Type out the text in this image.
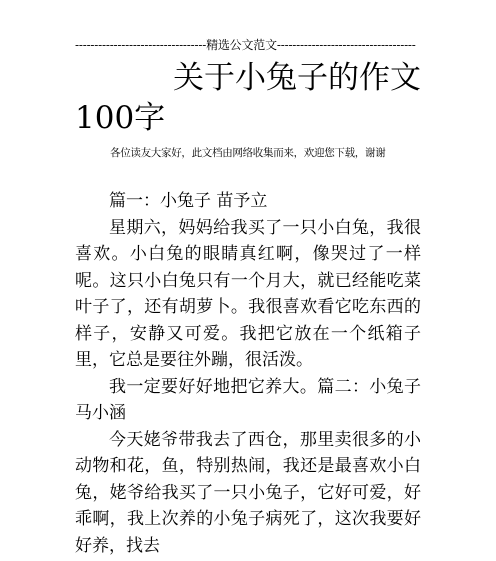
----------------------------------精选公文范文------------------------------------
关于小兔子的作文
100字
各位读友大家好，此文档由网络收集而来，欢迎您下载，谢谢

篇一：小兔子 苗予立

星期六，妈妈给我买了一只小白兔，我很喜欢。小白兔的眼睛真红啊，像哭过了一样呢。这只小白兔只有一个月大，就已经能吃菜叶子了，还有胡萝卜。我很喜欢看它吃东西的样子，安静又可爱。我把它放在一个纸箱子里，它总是要往外蹦，很活泼。

我一定要好好地把它养大。篇二：小兔子 马小涵

今天姥爷带我去了西仓，那里卖很多的小动物和花，鱼，特别热闹，我还是最喜欢小白兔，姥爷给我买了一只小兔子，它好可爱，好乖啊，我上次养的小兔子病死了，这次我要好好养，找去
